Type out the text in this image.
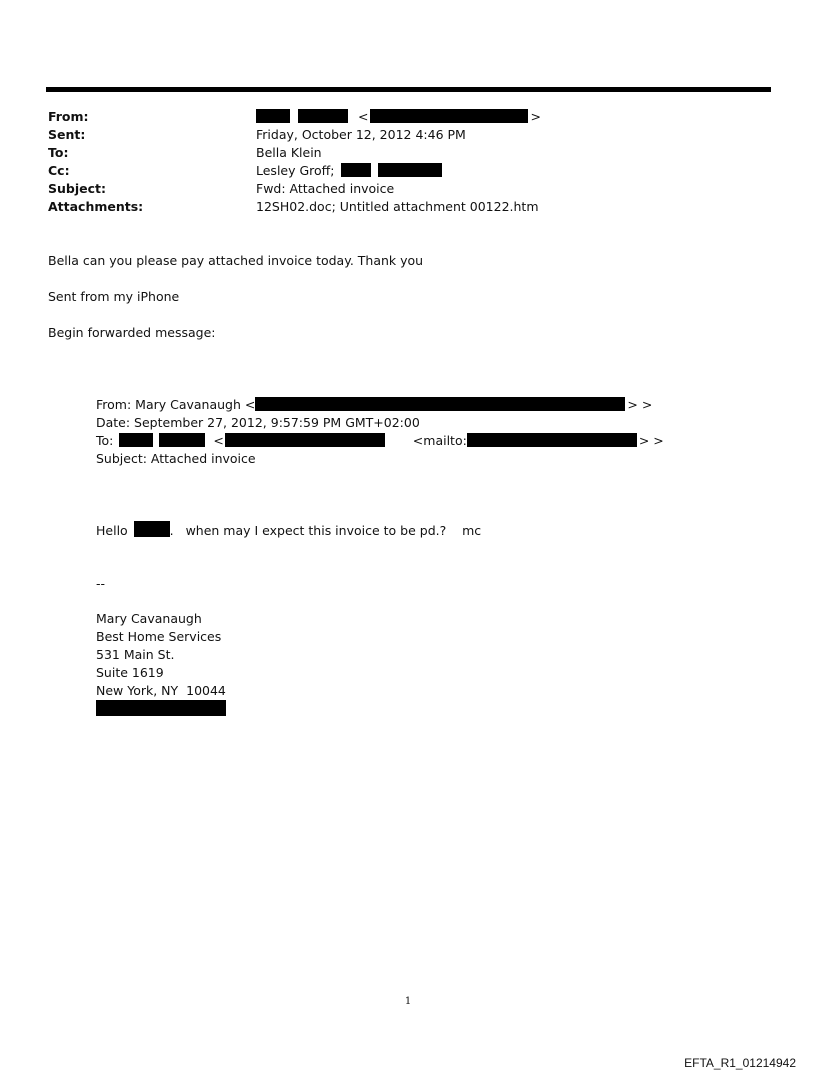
From:	<	>
Sent:	Friday, October 12, 2012 4:46 PM
To:	Bella Klein
Cc:	Lesley Groff;
Subject:	Fwd: Attached invoice
Attachments:	12SH02.doc; Untitled attachment 00122.htm
Bella can you please pay attached invoice today. Thank you
Sent from my iPhone
Begin forwarded message:
From: Mary Cavanaugh <	> >
Date: September 27, 2012, 9:57:59 PM GMT+02:00
To:	<	<mailto:	> >
Subject: Attached invoice
Hello	.   when may I expect this invoice to be pd.?    mc
--
Mary Cavanaugh
Best Home Services
531 Main St.
Suite 1619
New York, NY  10044
1
EFTA_R1_01214942
